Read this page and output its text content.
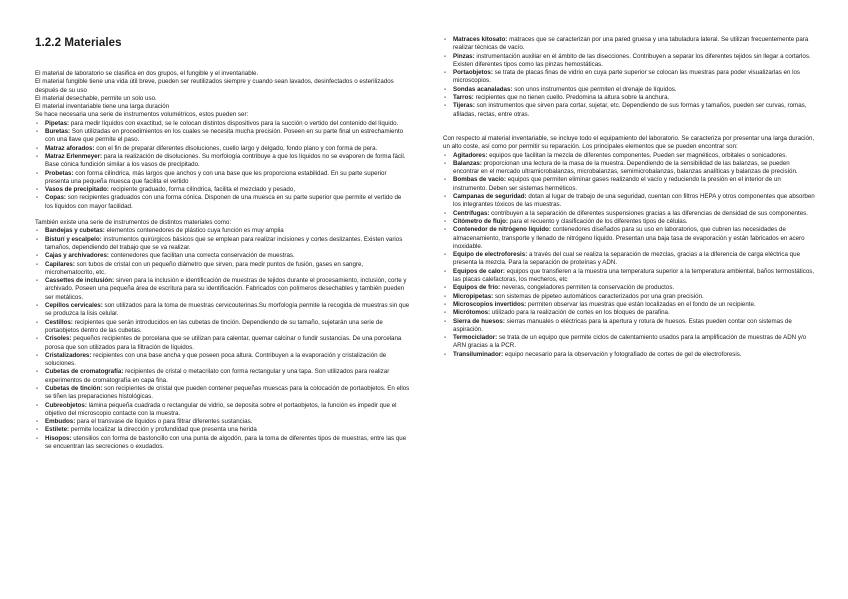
1.2.2 Materiales

El material de laboratorio se clasifica en dos grupos, el fungible y el inventariable.

El material fungible tiene una vida útil breve, pueden ser reutilizados siempre y cuando sean lavados, desinfectados o esterilizados después de su uso

El material desechable, permite un solo uso.

El material inventariable tiene una larga duración

Se hace necesaria una serie de instrumentos volumétricos, estos pueden ser:

- Pipetas: para medir líquidos con exactitud, se le colocan distintos dispositivos para la succión o vertido del contenido del líquido.
- Buretas: Son utilizadas en procedimientos en los cuales se necesita mucha precisión. Poseen en su parte final un estrechamiento con una llave que permite el paso.
- Matraz aforados: con el fin de preparar diferentes disoluciones, cuello largo y delgado, fondo plano y con forma de pera.
- Matraz Erlenmeyer: para la realización de disoluciones. Su morfología contribuye a que los líquidos no se evaporen de forma fácil. Base cónica fundición similar a los vasos de precipitado.
- Probetas: con forma cilíndrica, más largos que anchos y con una base que les proporciona estabilidad. En su parte superior presenta una pequeña muesca que facilita el vertido
- Vasos de precipitado: recipiente graduado, forma cilíndrica, facilita el mezclado y pesado,
- Copas: son recipientes graduados con una forma cónica. Disponen de una muesca en su parte superior que permite el vertido de los líquidos con mayor facilidad.

También existe una serie de instrumentos de distintos materiales como:

- Bandejas y cubetas: elementos contenedores de plástico cuya función es muy amplia
- Bisturí y escalpelo: instrumentos quirúrgicos básicos que se emplean para realizar incisiones y cortes deslizantes. Existen varios tamaños, dependiendo del trabajo que se va realizar.
- Cajas y archivadores: contenedores que facilitan una correcta conservación de muestras.
- Capilares: son tubos de cristal con un pequeño diámetro que sirven, para medir puntos de fusión, gases en sangre, microhematocrito, etc.
- Cassettes de inclusión: sirven para la inclusión e identificación de muestras de tejidos durante el procesamiento, inclusión, corte y archivado. Poseen una pequeña área de escritura para su identificación. Fabricados con polímeros desechables y también pueden ser metálicos.
- Cepillos cervicales: son utilizados para la toma de muestras cervicouterinas.Su morfología permite la recogida de muestras sin que se produzca la lisis celular.
- Cestillos: recipientes que serán introducidos en las cubetas de tinción. Dependiendo de su tamaño, sujetarán una serie de portaobjetos dentro de las cubetas.
- Crisoles: pequeños recipientes de porcelana que se utilizan para calentar, quemar calcinar o fundir sustancias. De una porcelana porosa que son utilizados para la filtración de líquidos.
- Cristalizadores: recipientes con una base ancha y que poseen poca altura. Contribuyen a la evaporación y cristalización de soluciones.
- Cubetas de cromatografía: recipientes de cristal o metacrilato con forma rectangular y una tapa. Son utilizados para realizar experimentos de cromatografía en capa fina.
- Cubetas de tinción: son recipientes de cristal que pueden contener pequeñas muescas para la colocación de portaobjetos. En ellos se tiñen las preparaciones histológicas.
- Cubreobjetos: lámina pequeña cuadrada o rectangular de vidrio, se deposita sobre el portaobjetos, la función es impedir que el objetivo del microscopio contacte con la muestra.
- Embudos: para el transvase de líquidos o para filtrar diferentes sustancias.
- Estilete: permite localizar la dirección y profundidad que presenta una herida
- Hisopos: utensilios con forma de bastoncillo con una punta de algodón, para la toma de diferentes tipos de muestras, entre las que se encuentran las secreciones o exudados.
- Matraces kitosato: matraces que se caracterizan por una pared gruesa y una tabuladura lateral. Se utilizan frecuentemente para realizar técnicas de vacío.
- Pinzas: instrumentación auxiliar en el ámbito de las disecciones. Contribuyen a separar los diferentes tejidos sin llegar a cortarlos. Existen diferentes tipos como las pinzas hemostáticas.
- Portaobjetos: se trata de placas finas de vidrio en cuya parte superior se colocan las muestras para poder visualizarlas en los microscopios.
- Sondas acanaladas: son unos instrumentos que permiten el drenaje de líquidos.
- Tarros: recipientes que no tienen cuello. Predomina la altura sobre la anchura.
- Tijeras: son instrumentos que sirven para cortar, sujetar, etc. Dependiendo de sus formas y tamaños, pueden ser curvas, romas, afiladas, rectas, entre otras.

Con respecto al material inventariable, se incluye todo el equipamiento del laboratorio. Se caracteriza por presentar una larga duración, un alto coste, así como por permitir su reparación. Los principales elementos que se pueden encontrar son:

- Agitadores: equipos que facilitan la mezcla de diferentes componentes. Pueden ser magnéticos, orbitales o sonicadores.
- Balanzas: proporcionan una lectura de la masa de la muestra. Dependiendo de la sensibilidad de las balanzas, se pueden encontrar en el mercado ultramicrobalanzas, microbalanzas, semimicrobalanzas, balanzas analíticas y balanzas de precisión.
- Bombas de vacío: equipos que permiten eliminar gases realizando el vacío y reduciendo la presión en el interior de un instrumento. Deben ser sistemas herméticos.
- Campanas de seguridad: dotan al lugar de trabajo de una seguridad, cuentan con filtros HEPA y otros componentes que absorben los integrantes tóxicos de las muestras.
- Centrífugas: contribuyen a la separación de diferentes suspensiones gracias a las diferencias de densidad de sus componentes.
- Citómetro de flujo: para el recuento y clasificación de los diferentes tipos de células.
- Contenedor de nitrógeno líquido: contenedores diseñados para su uso en laboratorios, que cubren las necesidades de almacenamiento, transporte y llenado de nitrógeno líquido. Presentan una baja tasa de evaporación y están fabricados en acero inoxidable.
- Equipo de electroforesis: a través del cual se realiza la separación de mezclas, gracias a la diferencia de carga eléctrica que presenta la mezcla. Para la separación de proteínas y ADN.
- Equipos de calor: equipos que transfieren a la muestra una temperatura superior a la temperatura ambiental, baños termostáticos, las placas calefactoras, los mecheros, etc
- Equipos de frío: neveras, congeladores permiten la conservación de productos.
- Micropipetas: son sistemas de pipeteo automáticos caracterizados por una gran precisión.
- Microscopios invertidos: permiten observar las muestras que están localizadas en el fondo de un recipiente.
- Micrótomos: utilizado para la realización de cortes en los bloques de parafina.
- Sierra de huesos: sierras manuales o eléctricas para la apertura y rotura de huesos. Estas pueden contar con sistemas de aspiración.
- Termociclador: se trata de un equipo que permite ciclos de calentamiento usados para la amplificación de muestras de ADN y/o ARN gracias a la PCR.
- Transiluminador: equipo necesario para la observación y fotografiado de cortes de gel de electroforesis.
